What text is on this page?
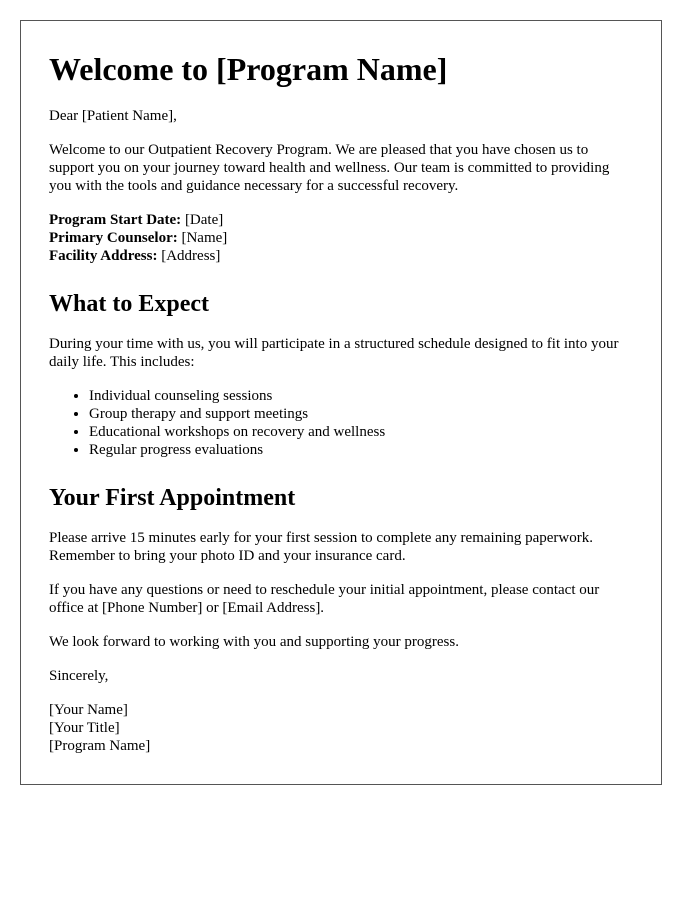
Welcome to [Program Name]

Dear [Patient Name],

Welcome to our Outpatient Recovery Program. We are pleased that you have chosen us to support you on your journey toward health and wellness. Our team is committed to providing you with the tools and guidance necessary for a successful recovery.

Program Start Date: [Date]
Primary Counselor: [Name]
Facility Address: [Address]
What to Expect

During your time with us, you will participate in a structured schedule designed to fit into your daily life. This includes:

• Individual counseling sessions
• Group therapy and support meetings
• Educational workshops on recovery and wellness
• Regular progress evaluations
Your First Appointment

Please arrive 15 minutes early for your first session to complete any remaining paperwork. Remember to bring your photo ID and your insurance card.

If you have any questions or need to reschedule your initial appointment, please contact our office at [Phone Number] or [Email Address].

We look forward to working with you and supporting your progress.

Sincerely,

[Your Name]
[Your Title]
[Program Name]
